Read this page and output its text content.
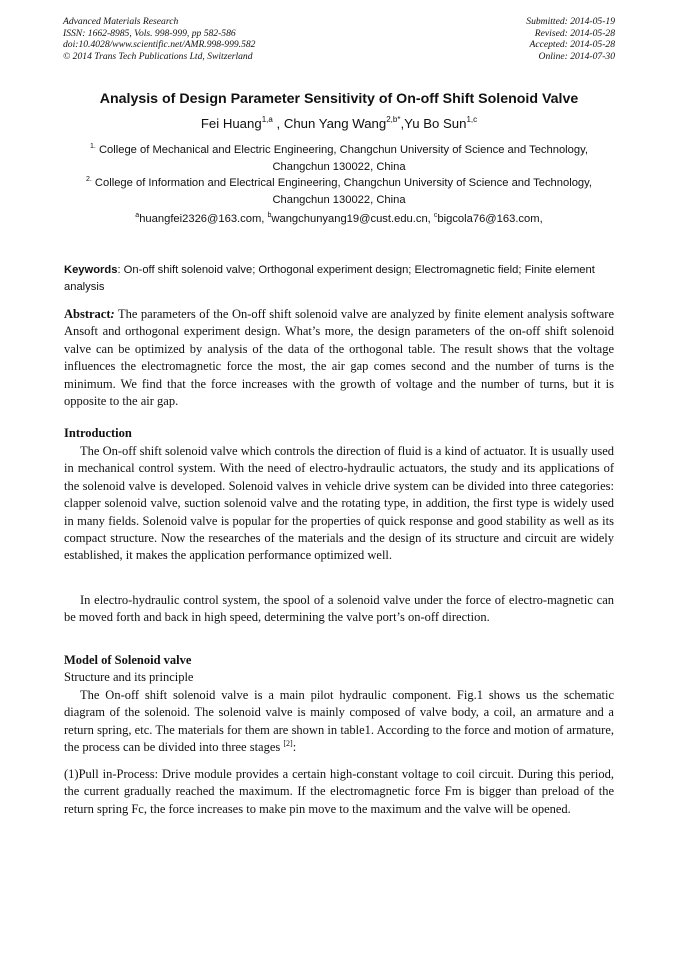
Advanced Materials Research
ISSN: 1662-8985, Vols. 998-999, pp 582-586
doi:10.4028/www.scientific.net/AMR.998-999.582
© 2014 Trans Tech Publications Ltd, Switzerland
Submitted: 2014-05-19
Revised: 2014-05-28
Accepted: 2014-05-28
Online: 2014-07-30
Analysis of Design Parameter Sensitivity of On-off Shift Solenoid Valve
Fei Huang$^{1,a}$ , Chun Yang Wang$^{2,b*}$,Yu Bo Sun$^{1,c}$
$^{1.}$ College of Mechanical and Electric Engineering, Changchun University of Science and Technology, Changchun 130022, China
$^{2.}$ College of Information and Electrical Engineering, Changchun University of Science and Technology, Changchun 130022, China
$^a$huangfei2326@163.com, $^b$wangchunyang19@cust.edu.cn, $^c$bigcola76@163.com,
Keywords: On-off shift solenoid valve; Orthogonal experiment design; Electromagnetic field; Finite element analysis
Abstract: The parameters of the On-off shift solenoid valve are analyzed by finite element analysis software Ansoft and orthogonal experiment design. What’s more, the design parameters of the on-off shift solenoid valve can be optimized by analysis of the data of the orthogonal table. The result shows that the voltage influences the electromagnetic force the most, the air gap comes second and the number of turns is the minimum. We find that the force increases with the growth of voltage and the number of turns, but it is opposite to the air gap.
Introduction
The On-off shift solenoid valve which controls the direction of fluid is a kind of actuator. It is usually used in mechanical control system. With the need of electro-hydraulic actuators, the study and its applications of the solenoid valve is developed. Solenoid valves in vehicle drive system can be divided into three categories: clapper solenoid valve, suction solenoid valve and the rotating type, in addition, the first type is widely used in many fields. Solenoid valve is popular for the properties of quick response and good stability as well as its compact structure. Now the researches of the materials and the design of its structure and circuit are widely established, it makes the application performance optimized well.
In electro-hydraulic control system, the spool of a solenoid valve under the force of electro-magnetic can be moved forth and back in high speed, determining the valve port’s on-off direction.
Model of Solenoid valve
Structure and its principle
The On-off shift solenoid valve is a main pilot hydraulic component. Fig.1 shows us the schematic diagram of the solenoid. The solenoid valve is mainly composed of valve body, a coil, an armature and a return spring, etc. The materials for them are shown in table1. According to the force and motion of armature, the process can be divided into three stages [2]:
(1)Pull in-Process: Drive module provides a certain high-constant voltage to coil circuit. During this period, the current gradually reached the maximum. If the electromagnetic force Fm is bigger than preload of the return spring Fc, the force increases to make pin move to the maximum and the valve will be opened.
